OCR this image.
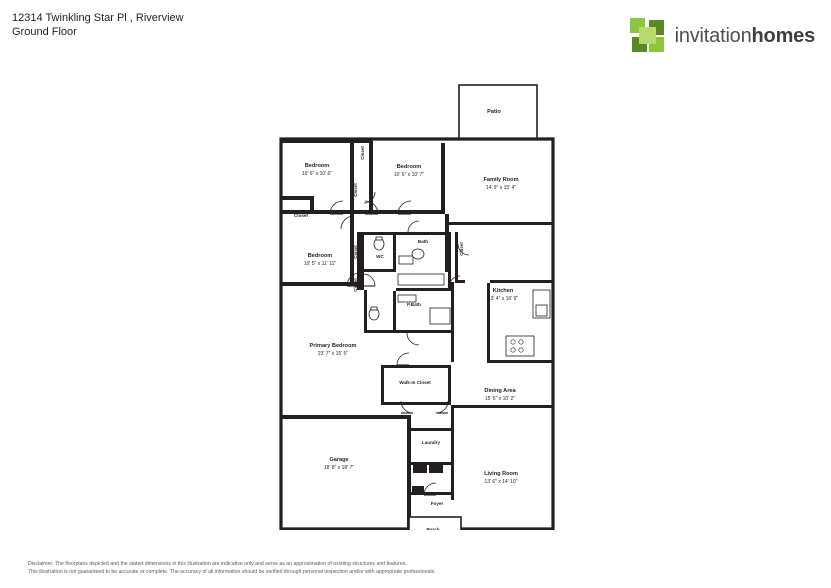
12314 Twinkling Star Pl , Riverview
Ground Floor	invitationhomes
Patio
Bedroom
10' 6" x 10' 6"
Bedroom
10' 6" x 10' 7"
Family Room
14' 9" x 15' 4"
Bedroom
10' 5" x 11' 11"
Kitchen
13' 4" x 16' 9"
Primary Bedroom
23' 7" x 15' 5"
Dining Area
15' 5" x 10' 2"
Garage
18' 8" x 18' 7"
Living Room
13' 6" x 14' 10"
Closet
Bath
WC
P.Bath
Walk-In Closet
Laundry
Foyer
Porch
Closet
Closet
Closet
Closet
Closet
Disclaimer: The floorplans depicted and the stated dimensions in this illustration are indicative only and serve as an approximation of existing structures and features.
This illustration is not guaranteed to be accurate or complete. The accuracy of all information should be verified through personal inspection and/or with appropriate professionals.
